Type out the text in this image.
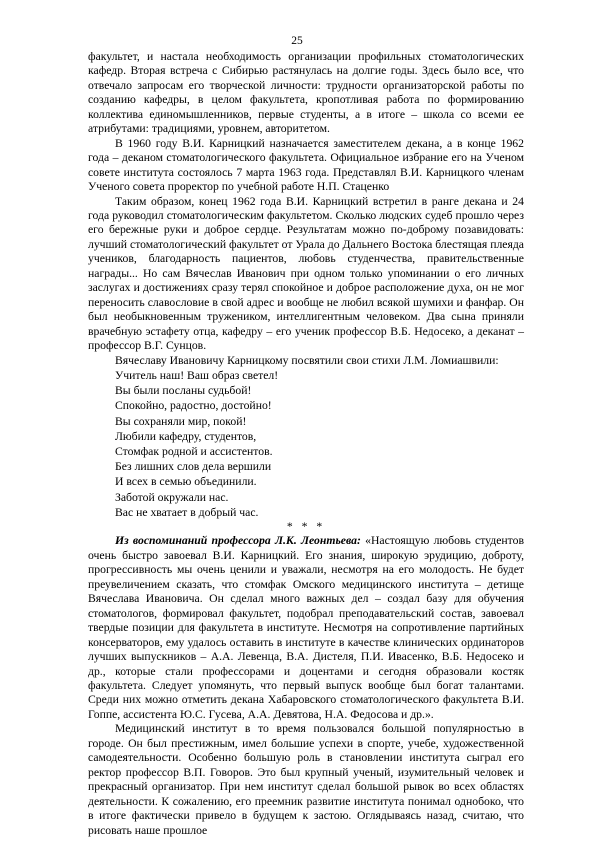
25

факультет, и настала необходимость организации профильных стоматологических кафедр. Вторая встреча с Сибирью растянулась на долгие годы. Здесь было все, что отвечало запросам его творческой личности: трудности организаторской работы по созданию кафедры, в целом факультета, кропотливая работа по формированию коллектива единомышленников, первые студенты, а в итоге – школа со всеми ее атрибутами: традициями, уровнем, авторитетом.

В 1960 году В.И. Карницкий назначается заместителем декана, а в конце 1962 года – деканом стоматологического факультета. Официальное избрание его на Ученом совете института состоялось 7 марта 1963 года. Представлял В.И. Карницкого членам Ученого совета проректор по учебной работе Н.П. Стаценко

Таким образом, конец 1962 года В.И. Карницкий встретил в ранге декана и 24 года руководил стоматологическим факультетом. Сколько людских судеб прошло через его бережные руки и доброе сердце. Результатам можно по-доброму позавидовать: лучший стоматологический факультет от Урала до Дальнего Востока блестящая плеяда учеников, благодарность пациентов, любовь студенчества, правительственные награды... Но сам Вячеслав Иванович при одном только упоминании о его личных заслугах и достижениях сразу терял спокойное и доброе расположение духа, он не мог переносить славословие в свой адрес и вообще не любил всякой шумихи и фанфар. Он был необыкновенным тружеником, интеллигентным человеком. Два сына приняли врачебную эстафету отца, кафедру – его ученик профессор В.Б. Недосеко, а деканат – профессор В.Г. Сунцов.

Вячеславу Ивановичу Карницкому посвятили свои стихи Л.М. Ломиашвили:

Учитель наш! Ваш образ светел!
Вы были посланы судьбой!
Спокойно, радостно, достойно!
Вы сохраняли мир, покой!
Любили кафедру, студентов,
Стомфак родной и ассистентов.
Без лишних слов дела вершили
И всех в семью объединили.
Заботой окружали нас.
Вас не хватает в добрый час.

* * *

Из воспоминаний профессора Л.К. Леонтьева: «Настоящую любовь студентов очень быстро завоевал В.И. Карницкий. Его знания, широкую эрудицию, доброту, прогрессивность мы очень ценили и уважали, несмотря на его молодость. Не будет преувеличением сказать, что стомфак Омского медицинского института – детище Вячеслава Ивановича. Он сделал много важных дел – создал базу для обучения стоматологов, формировал факультет, подобрал преподавательский состав, завоевал твердые позиции для факультета в институте. Несмотря на сопротивление партийных консерваторов, ему удалось оставить в институте в качестве клинических ординаторов лучших выпускников – А.А. Левенца, В.А. Дистеля, П.И. Ивасенко, В.Б. Недосеко и др., которые стали профессорами и доцентами и сегодня образовали костяк факультета. Следует упомянуть, что первый выпуск вообще был богат талантами. Среди них можно отметить декана Хабаровского стоматологического факультета В.И. Гоппе, ассистента Ю.С. Гусева, А.А. Девятова, Н.А. Федосова и др.».

Медицинский институт в то время пользовался большой популярностью в городе. Он был престижным, имел большие успехи в спорте, учебе, художественной самодеятельности. Особенно большую роль в становлении института сыграл его ректор профессор В.П. Говоров. Это был крупный ученый, изумительный человек и прекрасный организатор. При нем институт сделал большой рывок во всех областях деятельности. К сожалению, его преемник развитие института понимал однобоко, что в итоге фактически привело в будущем к застою. Оглядываясь назад, считаю, что рисовать наше прошлое
